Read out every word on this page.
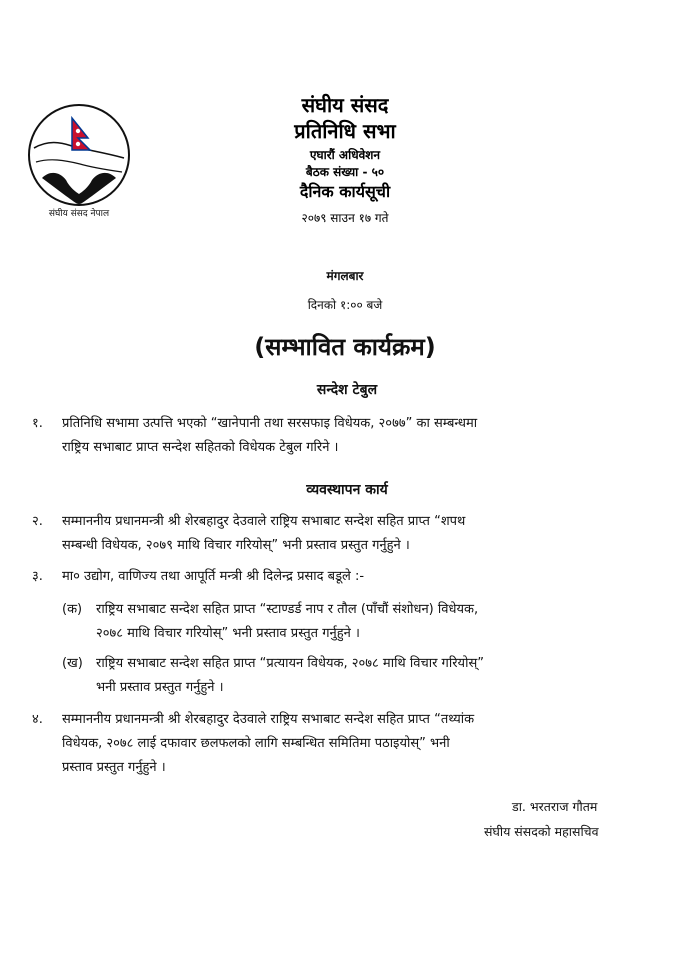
संघीय संसद नेपाल
संघीय संसद
प्रतिनिधि सभा
एघारौं अधिवेशन
बैठक संख्या - ५०
दैनिक कार्यसूची
२०७९ साउन १७ गते
मंगलबार
दिनको १:०० बजे
(सम्भावित कार्यक्रम)
सन्देश टेबुल
१. प्रतिनिधि सभामा उत्पत्ति भएको “खानेपानी तथा सरसफाइ विधेयक, २०७७” का सम्बन्धमा
राष्ट्रिय सभाबाट प्राप्त सन्देश सहितको विधेयक टेबुल गरिने ।
व्यवस्थापन कार्य
२. सम्माननीय प्रधानमन्त्री श्री शेरबहादुर देउवाले राष्ट्रिय सभाबाट सन्देश सहित प्राप्त “शपथ
सम्बन्धी विधेयक, २०७९ माथि विचार गरियोस्” भनी प्रस्ताव प्रस्तुत गर्नुहुने ।
३. मा० उद्योग, वाणिज्य तथा आपूर्ति मन्त्री श्री दिलेन्द्र प्रसाद बडूले :-
(क) राष्ट्रिय सभाबाट सन्देश सहित प्राप्त “स्टाण्डर्ड नाप र तौल (पाँचौं संशोधन) विधेयक,
२०७८ माथि विचार गरियोस्” भनी प्रस्ताव प्रस्तुत गर्नुहुने ।
(ख) राष्ट्रिय सभाबाट सन्देश सहित प्राप्त “प्रत्यायन विधेयक, २०७८ माथि विचार गरियोस्”
भनी प्रस्ताव प्रस्तुत गर्नुहुने ।
४. सम्माननीय प्रधानमन्त्री श्री शेरबहादुर देउवाले राष्ट्रिय सभाबाट सन्देश सहित प्राप्त “तथ्यांक
विधेयक, २०७८ लाई दफावार छलफलको लागि सम्बन्धित समितिमा पठाइयोस्” भनी
प्रस्ताव प्रस्तुत गर्नुहुने ।
डा. भरतराज गौतम
संघीय संसदको महासचिव
